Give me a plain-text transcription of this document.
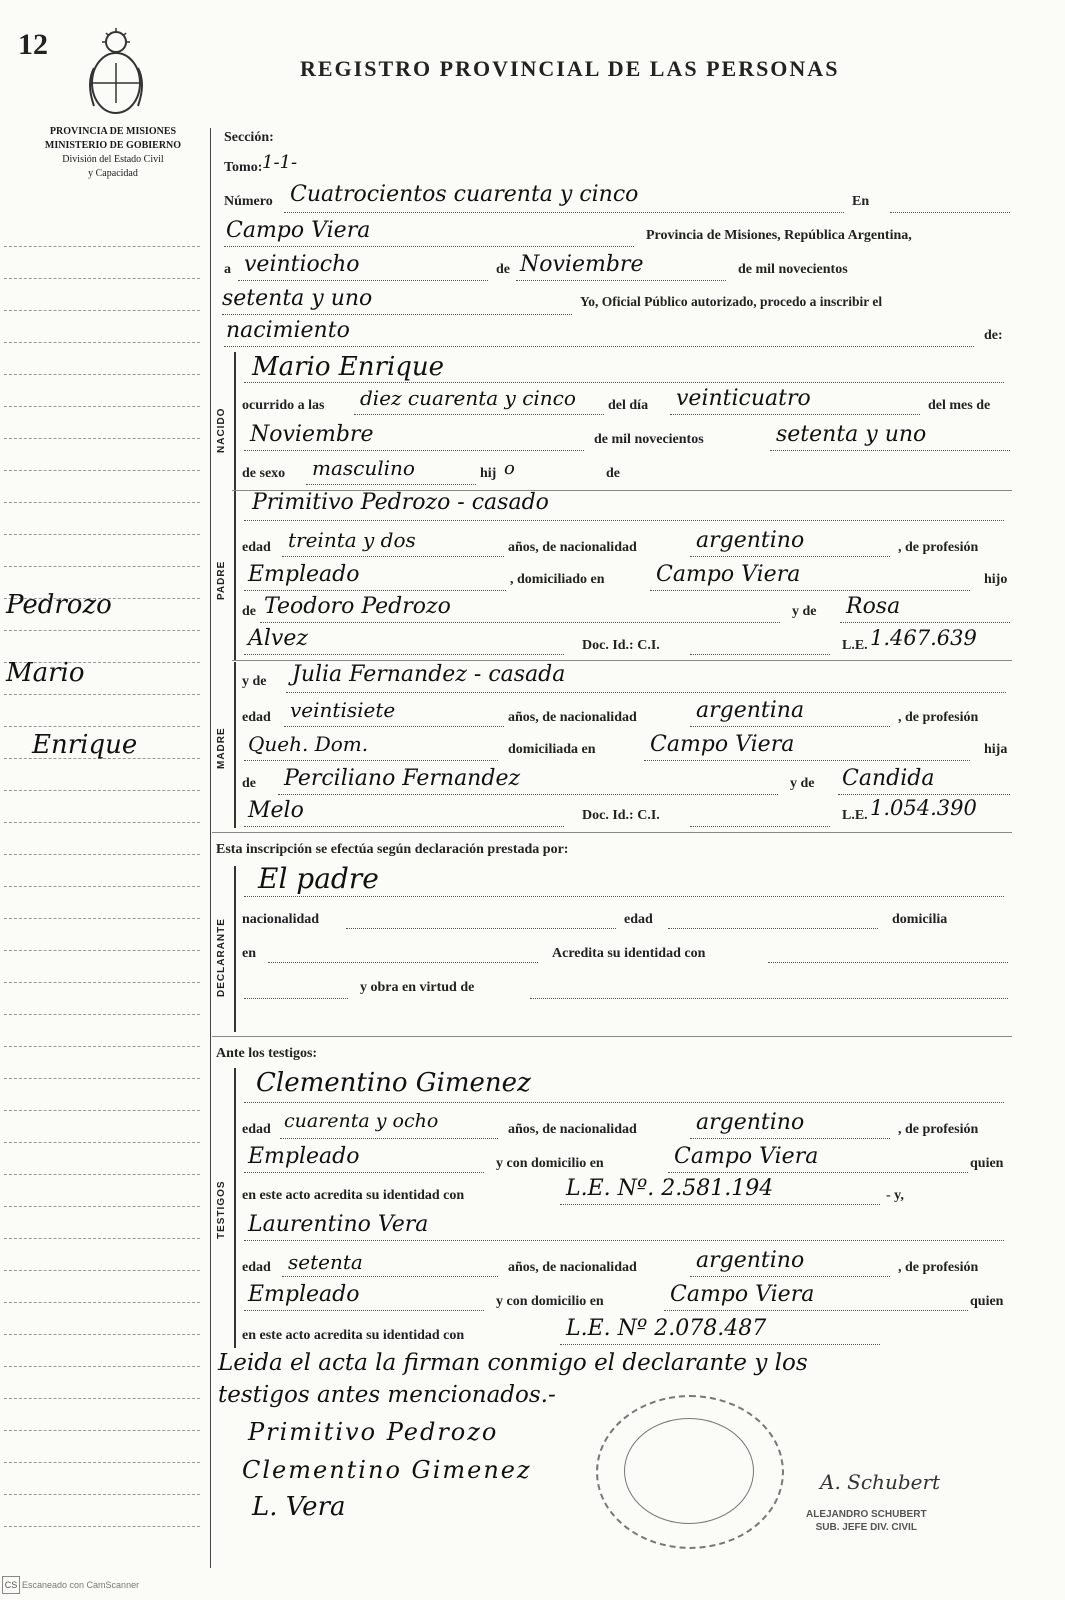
12
REGISTRO PROVINCIAL DE LAS PERSONAS
PROVINCIA DE MISIONES
MINISTERIO DE GOBIERNO
División del Estado Civil
y Capacidad
Pedrozo
Mario
Enrique
Sección:
Tomo: 1-1-
Número Cuatrocientos cuarenta y cinco	En
Campo Viera	Provincia de Misiones, República Argentina,
a veintiocho	de Noviembre	de mil novecientos
setenta y uno	Yo, Oficial Público autorizado, procedo a inscribir el
nacimiento	de:
NACIDO
Mario Enrique
ocurrido a las diez cuarenta y cinco del día veinticuatro	del mes de
Noviembre	de mil novecientos	setenta y uno
de sexo masculino	hij o	de
PADRE
Primitivo Pedrozo - casado
edad treinta y dos	años, de nacionalidad	argentino	, de profesión
Empleado	, domiciliado en Campo Viera	hijo
de Teodoro Pedrozo	y de Rosa
Alvez	Doc. Id.: C.I.	L.E. 1.467.639
MADRE
y de Julia Fernandez - casada
edad veintisiete	años, de nacionalidad	argentina	, de profesión
Queh. Dom.	domiciliada en Campo Viera	hija
de Perciliano Fernandez	y de Candida
Melo	Doc. Id.: C.I.	L.E. 1.054.390
Esta inscripción se efectúa según declaración prestada por:
DECLARANTE
El padre
nacionalidad	edad	domicilia
en	Acredita su identidad con
y obra en virtud de
Ante los testigos:
TESTIGOS
Clementino Gimenez
edad cuarenta y ocho	años, de nacionalidad	argentino	, de profesión
Empleado	y con domicilio en	Campo Viera	quien
en este acto acredita su identidad con	L.E. Nº. 2.581.194	- y,
Laurentino Vera
edad setenta	años, de nacionalidad	argentino	, de profesión
Empleado	y con domicilio en	Campo Viera	quien
en este acto acredita su identidad con	L.E. Nº 2.078.487
Leida el acta la firman conmigo el declarante y los
testigos antes mencionados.-
Primitivo Pedrozo
Clementino Gimenez
L. Vera
A. Schubert
ALEJANDRO SCHUBERT
SUB. JEFE DIV. CIVIL
CS Escaneado con CamScanner
